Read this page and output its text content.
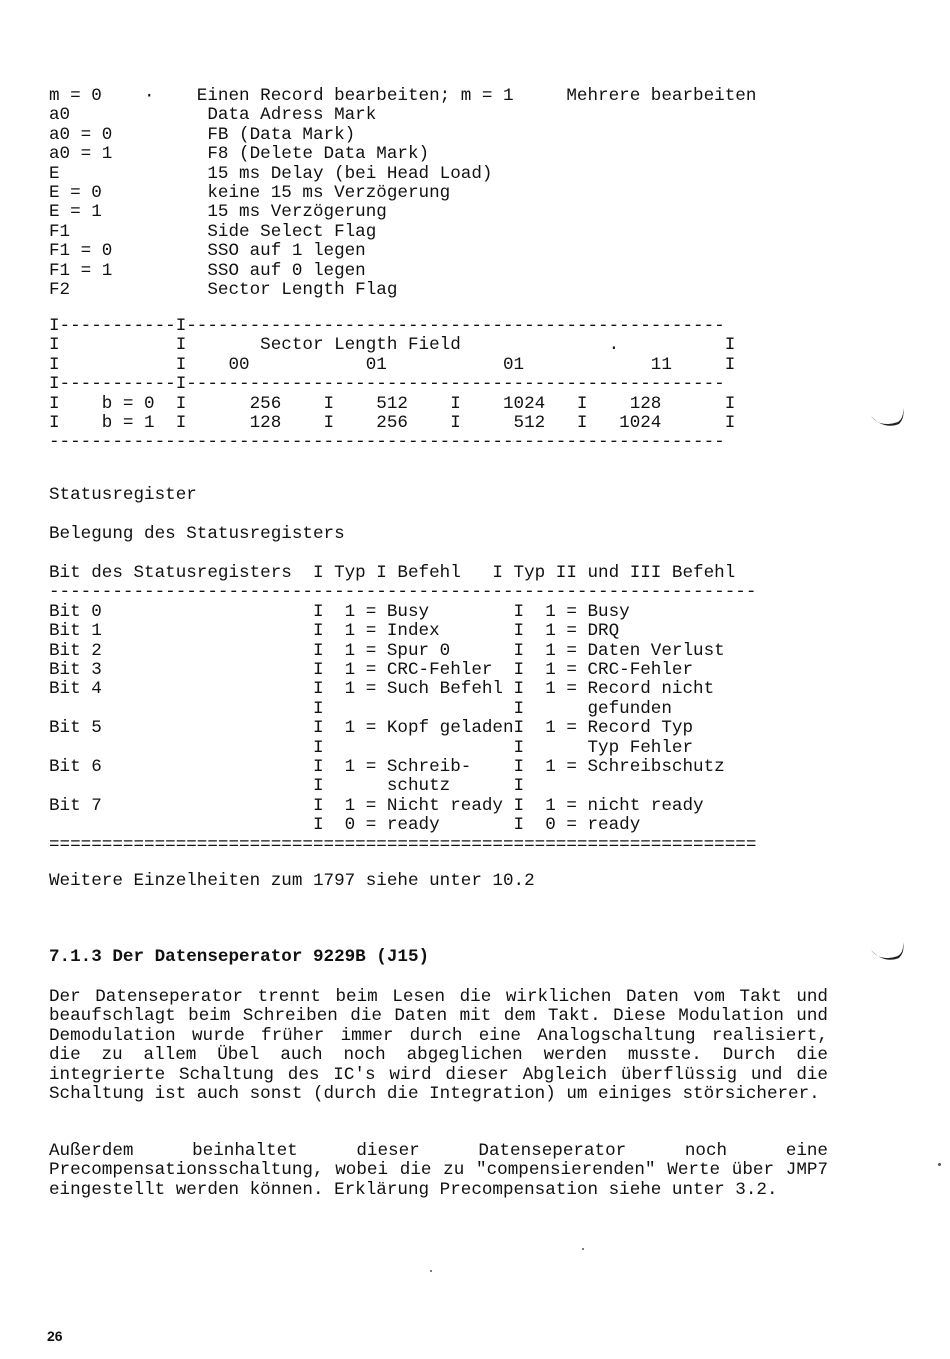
m = 0    ·    Einen Record bearbeiten; m = 1     Mehrere bearbeiten
a0             Data Adress Mark
a0 = 0         FB (Data Mark)
a0 = 1         F8 (Delete Data Mark)
E              15 ms Delay (bei Head Load)
E = 0          keine 15 ms Verzögerung
E = 1          15 ms Verzögerung
F1             Side Select Flag
F1 = 0         SSO auf 1 legen
F1 = 1         SSO auf 0 legen
F2             Sector Length Flag
I-----------I---------------------------------------------------
I           I       Sector Length Field              .          I
I           I    00           01           01            11     I
I-----------I---------------------------------------------------
I    b = 0  I      256    I    512    I    1024   I    128      I
I    b = 1  I      128    I    256    I     512   I   1024      I
----------------------------------------------------------------
Statusregister
Belegung des Statusregisters
Bit des Statusregisters  I Typ I Befehl   I Typ II und III Befehl
-------------------------------------------------------------------
Bit 0                    I  1 = Busy        I  1 = Busy
Bit 1                    I  1 = Index       I  1 = DRQ
Bit 2                    I  1 = Spur 0      I  1 = Daten Verlust
Bit 3                    I  1 = CRC-Fehler  I  1 = CRC-Fehler
Bit 4                    I  1 = Such Befehl I  1 = Record nicht
I                  I      gefunden
Bit 5                    I  1 = Kopf geladenI  1 = Record Typ
I                  I      Typ Fehler
Bit 6                    I  1 = Schreib-    I  1 = Schreibschutz
I      schutz      I
Bit 7                    I  1 = Nicht ready I  1 = nicht ready
I  0 = ready       I  0 = ready
===================================================================
Weitere Einzelheiten zum 1797 siehe unter 10.2
7.1.3 Der Datenseperator 9229B (J15)
Der Datenseperator trennt beim Lesen die wirklichen Daten vom Takt und beaufschlagt beim Schreiben die Daten mit dem Takt. Diese Modulation und Demodulation wurde früher immer durch eine Analogschaltung realisiert, die zu allem Übel auch noch abgeglichen werden musste. Durch die integrierte Schaltung des IC's wird dieser Abgleich überflüssig und die Schaltung ist auch sonst (durch die Integration) um einiges störsicherer.
Außerdem beinhaltet dieser Datenseperator noch eine Precompensationsschaltung, wobei die zu "compensierenden" Werte über JMP7 eingestellt werden können. Erklärung Precompensation siehe unter 3.2.
26
